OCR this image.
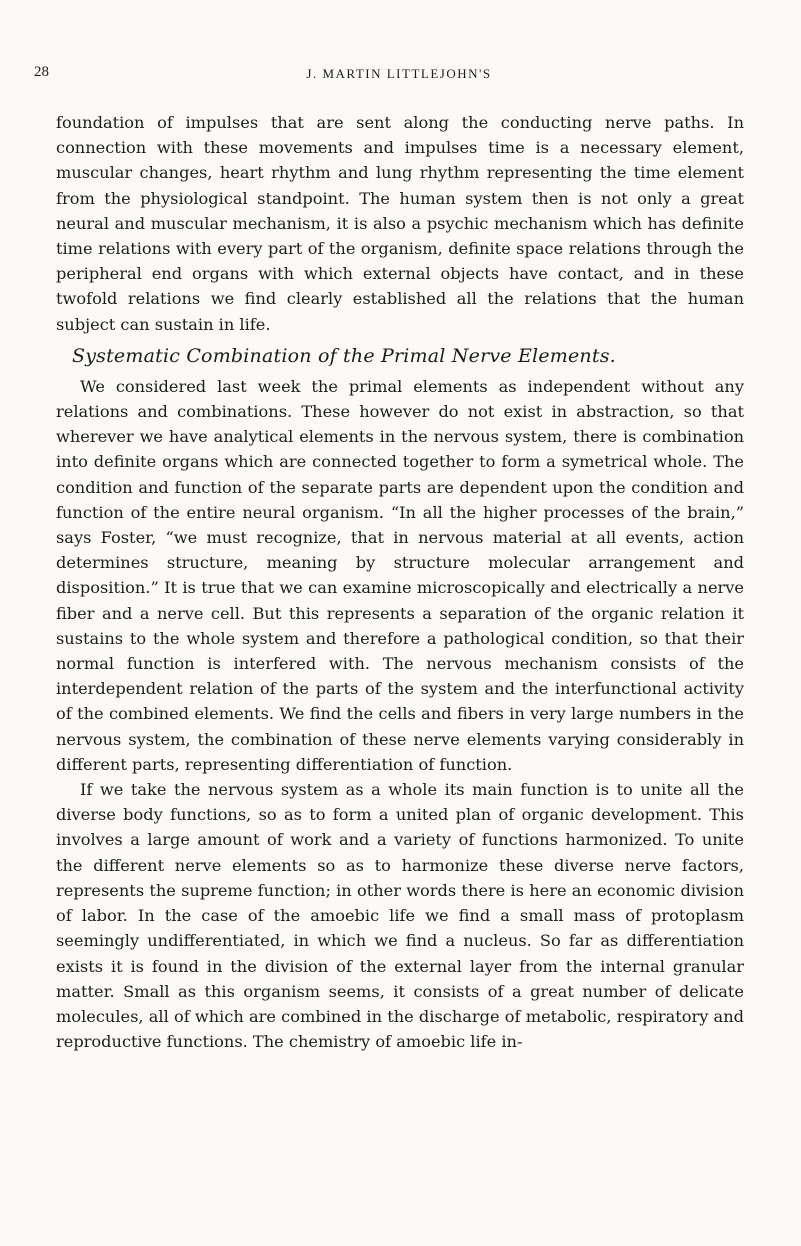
28	J. MARTIN LITTLEJOHN'S

foundation of impulses that are sent along the conducting nerve paths. In connection with these movements and impulses time is a necessary element, muscular changes, heart rhythm and lung rhythm representing the time element from the physiological standpoint. The human system then is not only a great neural and muscular mechanism, it is also a psychic mechanism which has definite time relations with every part of the organism, definite space relations through the peripheral end organs with which external objects have contact, and in these twofold relations we find clearly established all the relations that the human subject can sustain in life.

Systematic Combination of the Primal Nerve Elements.

We considered last week the primal elements as independent without any relations and combinations. These however do not exist in abstraction, so that wherever we have analytical elements in the nervous system, there is combination into definite organs which are connected together to form a symetrical whole. The condition and function of the separate parts are dependent upon the condition and function of the entire neural organism. “In all the higher processes of the brain,” says Foster, “we must recognize, that in nervous material at all events, action determines structure, meaning by structure molecular arrangement and disposition.” It is true that we can examine microscopically and electrically a nerve fiber and a nerve cell. But this represents a separation of the organic relation it sustains to the whole system and therefore a pathological condition, so that their normal function is interfered with. The nervous mechanism consists of the interdependent relation of the parts of the system and the interfunctional activity of the combined elements. We find the cells and fibers in very large numbers in the nervous system, the combination of these nerve elements varying considerably in different parts, representing differentiation of function.

If we take the nervous system as a whole its main function is to unite all the diverse body functions, so as to form a united plan of organic development. This involves a large amount of work and a variety of functions harmonized. To unite the different nerve elements so as to harmonize these diverse nerve factors, represents the supreme function; in other words there is here an economic division of labor. In the case of the amoebic life we find a small mass of protoplasm seemingly undifferentiated, in which we find a nucleus. So far as differentiation exists it is found in the division of the external layer from the internal granular matter. Small as this organism seems, it consists of a great number of delicate molecules, all of which are combined in the discharge of metabolic, respiratory and reproductive functions. The chemistry of amoebic life in-
